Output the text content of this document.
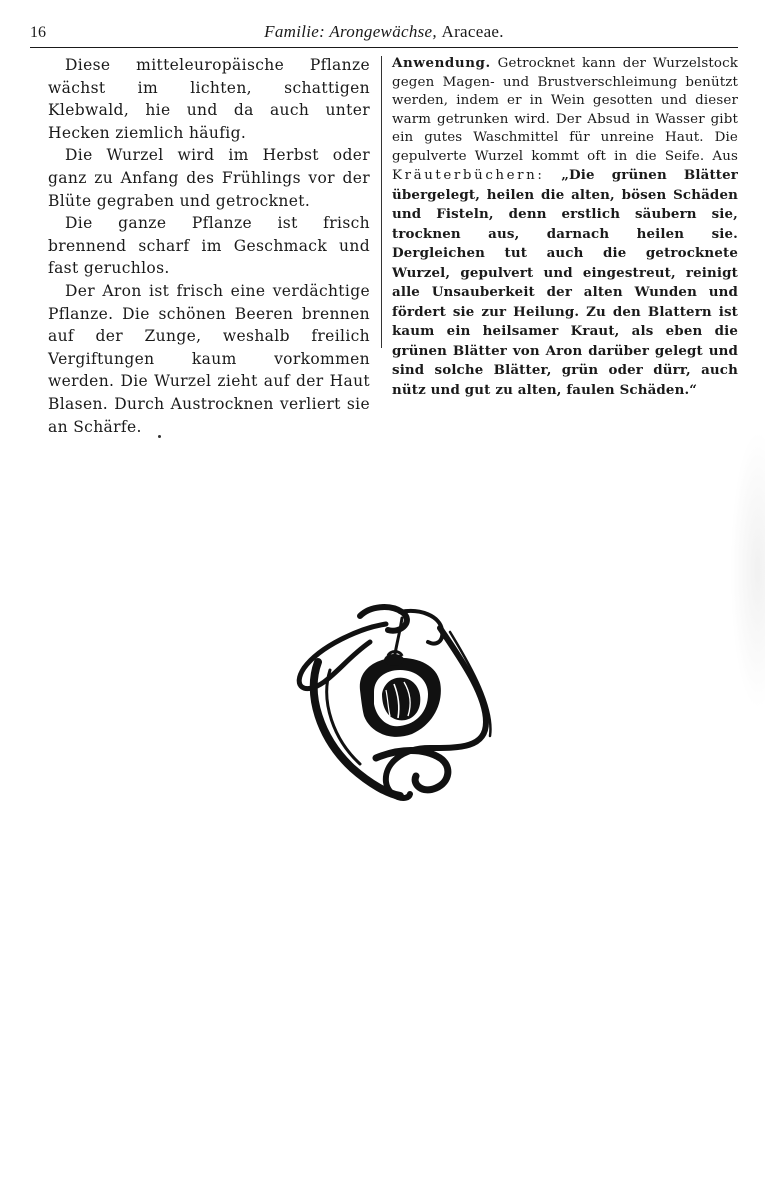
16	Familie: Arongewächse, Araceae.

Diese mitteleuropäische Pflanze wächst im lichten, schattigen Klebwald, hie und da auch unter Hecken ziemlich häufig.

Die Wurzel wird im Herbst oder ganz zu Anfang des Frühlings vor der Blüte gegraben und getrocknet.

Die ganze Pflanze ist frisch brennend scharf im Geschmack und fast geruchlos.

Der Aron ist frisch eine verdächtige Pflanze. Die schönen Beeren brennen auf der Zunge, weshalb freilich Vergiftungen kaum vorkommen werden. Die Wurzel zieht auf der Haut Blasen. Durch Austrocknen verliert sie an Schärfe.

Anwendung. Getrocknet kann der Wurzelstock gegen Magen- und Brustverschleimung benützt werden, indem er in Wein gesotten und dieser warm getrunken wird. Der Absud in Wasser gibt ein gutes Waschmittel für unreine Haut. Die gepulverte Wurzel kommt oft in die Seife. Aus Kräuterbüchern: „Die grünen Blätter übergelegt, heilen die alten, bösen Schäden und Fisteln, denn erstlich säubern sie, trocknen aus, darnach heilen sie. Dergleichen tut auch die getrocknete Wurzel, gepulvert und eingestreut, reinigt alle Unsauberkeit der alten Wunden und fördert sie zur Heilung. Zu den Blattern ist kaum ein heilsamer Kraut, als eben die grünen Blätter von Aron darüber gelegt und sind solche Blätter, grün oder dürr, auch nütz und gut zu alten, faulen Schäden.“
